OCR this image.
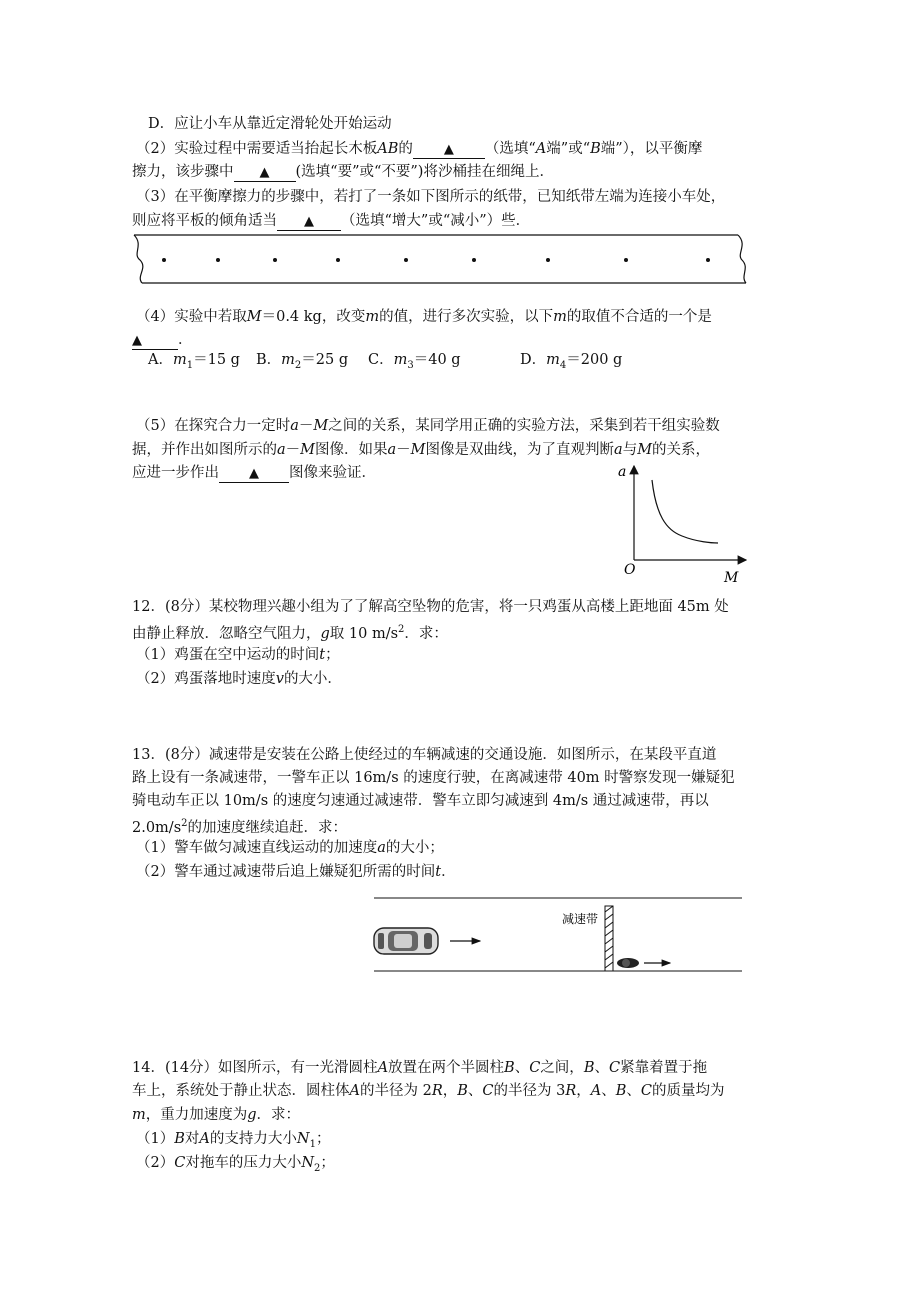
D．应让小车从靠近定滑轮处开始运动
（2）实验过程中需要适当抬起长木板AB的 ▲ （选填“A端”或“B端”），以平衡摩
擦力，该步骤中 ▲ (选填“要”或“不要”)将沙桶挂在细绳上．
（3）在平衡摩擦力的步骤中，若打了一条如下图所示的纸带，已知纸带左端为连接小车处，
则应将平板的倾角适当 ▲ （选填“增大”或“减小”）些．
（4）实验中若取M＝0.4 kg，改变m的值，进行多次实验，以下m的取值不合适的一个是
▲ ．
A．$m_1=15$ g B．$m_2=25$ g C．$m_3=40$ g	D．$m_4=200$ g
（5）在探究合力一定时a－M之间的关系，某同学用正确的实验方法，采集到若干组实验数
据，并作出如图所示的a－M图像．如果a－M图像是双曲线，为了直观判断a与M的关系，
应进一步作出 ▲ 图像来验证．	a
O	M
12．(8分）某校物理兴趣小组为了了解高空坠物的危害，将一只鸡蛋从高楼上距地面 45m 处
由静止释放．忽略空气阻力，g取 10 $m/s^2$．求：
（1）鸡蛋在空中运动的时间t；
（2）鸡蛋落地时速度v的大小．
13．(8分）减速带是安装在公路上使经过的车辆减速的交通设施．如图所示，在某段平直道
路上设有一条减速带，一警车正以 16m/s 的速度行驶，在离减速带 40m 时警察发现一嫌疑犯
骑电动车正以 10m/s 的速度匀速通过减速带．警车立即匀减速到 4m/s 通过减速带，再以
$2.0m/s^2$的加速度继续追赶．求：
（1）警车做匀减速直线运动的加速度a的大小；
（2）警车通过减速带后追上嫌疑犯所需的时间t．
减速带
14．(14分）如图所示，有一光滑圆柱A放置在两个半圆柱B、C之间，B、C紧靠着置于拖
车上，系统处于静止状态．圆柱体A的半径为 2R，B、C的半径为 3R，A、B、C的质量均为
m，重力加速度为g．求：
（1）B对A的支持力大小$N_1$；
（2）C对拖车的压力大小$N_2$；
